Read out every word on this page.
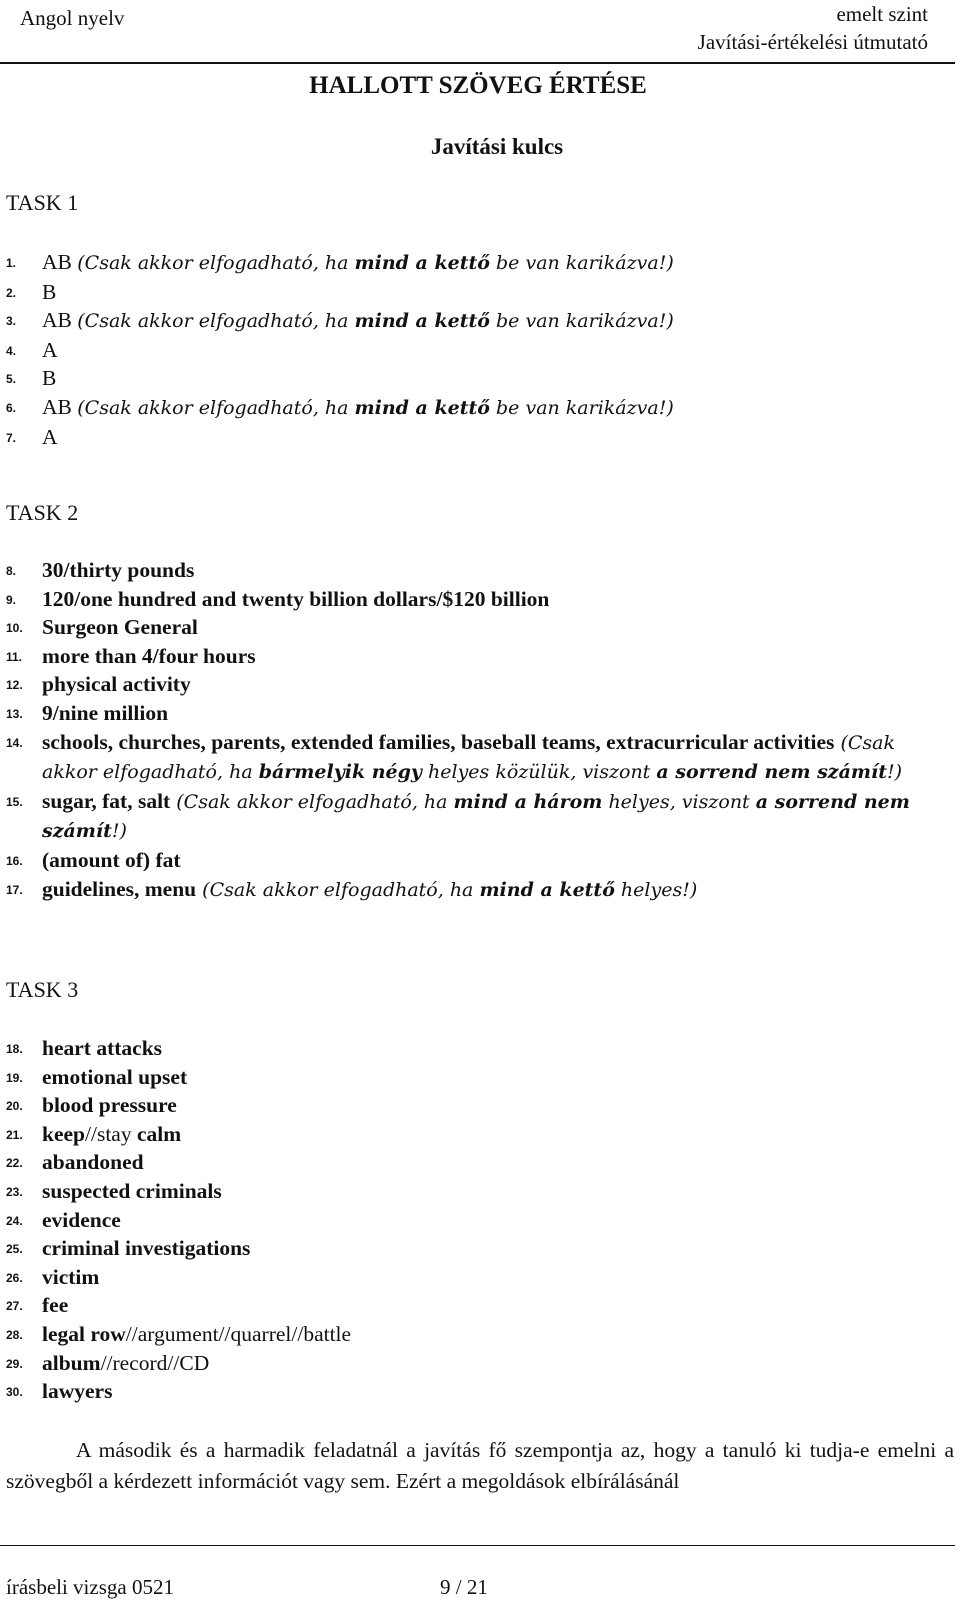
Angol nyelv	emelt szint
Javítási-értékelési útmutató
HALLOTT SZÖVEG ÉRTÉSE
Javítási kulcs
TASK 1
1. AB (Csak akkor elfogadható, ha mind a kettő be van karikázva!)
2. B
3. AB (Csak akkor elfogadható, ha mind a kettő be van karikázva!)
4. A
5. B
6. AB (Csak akkor elfogadható, ha mind a kettő be van karikázva!)
7. A
TASK 2
8. 30/thirty pounds
9. 120/one hundred and twenty billion dollars/$120 billion
10. Surgeon General
11. more than 4/four hours
12. physical activity
13. 9/nine million
14. schools, churches, parents, extended families, baseball teams, extracurricular activities (Csak akkor elfogadható, ha bármelyik négy helyes közülük, viszont a sorrend nem számít!)
15. sugar, fat, salt (Csak akkor elfogadható, ha mind a három helyes, viszont a sorrend nem számít!)
16. (amount of) fat
17. guidelines, menu (Csak akkor elfogadható, ha mind a kettő helyes!)
TASK 3
18. heart attacks
19. emotional upset
20. blood pressure
21. keep//stay calm
22. abandoned
23. suspected criminals
24. evidence
25. criminal investigations
26. victim
27. fee
28. legal row//argument//quarrel//battle
29. album//record//CD
30. lawyers
A második és a harmadik feladatnál a javítás fő szempontja az, hogy a tanuló ki tudja-e emelni a szövegből a kérdezett információt vagy sem. Ezért a megoldások elbírálásánál
írásbeli vizsga 0521	9 / 21
